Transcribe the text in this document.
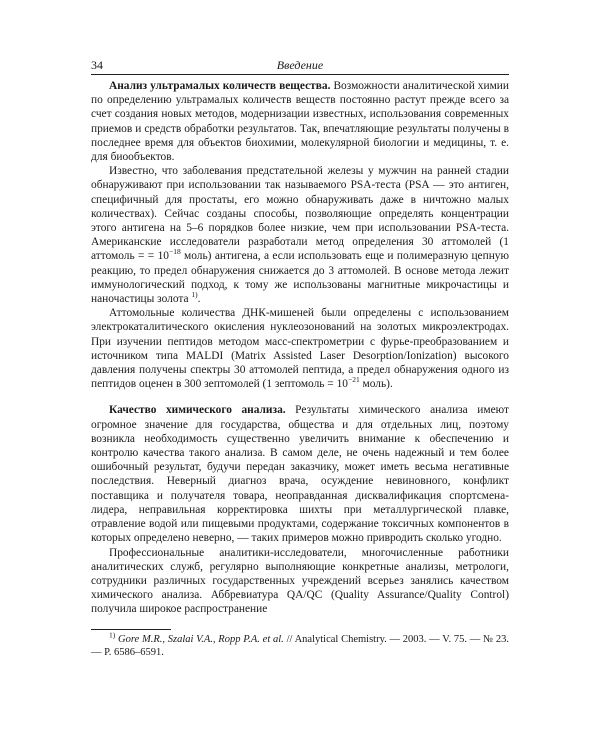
34	Введение

Анализ ультрамалых количеств вещества. Возможности аналитической химии по определению ультрамалых количеств веществ постоянно растут прежде всего за счет создания новых методов, модернизации известных, использования современных приемов и средств обработки результатов. Так, впечатляющие результаты получены в последнее время для объектов биохимии, молекулярной биологии и медицины, т. е. для биообъектов.

Известно, что заболевания предстательной железы у мужчин на ранней стадии обнаруживают при использовании так называемого PSA-теста (PSA — это антиген, специфичный для простаты, его можно обнаруживать даже в ничтожно малых количествах). Сейчас созданы способы, позволяющие определять концентрации этого антигена на 5–6 порядков более низкие, чем при использовании PSA-теста. Американские исследователи разработали метод определения 30 аттомолей (1 аттомоль = = $10^{-18}$ моль) антигена, а если использовать еще и полимеразную цепную реакцию, то предел обнаружения снижается до 3 аттомолей. В основе метода лежит иммунологический подход, к тому же использованы магнитные микрочастицы и наночастицы золота $^{1)}$.

Аттомольные количества ДНК-мишеней были определены с использованием электрокаталитического окисления нуклеозонований на золотых микроэлектродах. При изучении пептидов методом масс-спектрометрии с фурье-преобразованием и источником типа MALDI (Matrix Assisted Laser Desorption/Ionization) высокого давления получены спектры 30 аттомолей пептида, а предел обнаружения одного из пептидов оценен в 300 зептомолей (1 зептомоль = $10^{-21}$ моль).

Качество химического анализа. Результаты химического анализа имеют огромное значение для государства, общества и для отдельных лиц, поэтому возникла необходимость существенно увеличить внимание к обеспечению и контролю качества такого анализа. В самом деле, не очень надежный и тем более ошибочный результат, будучи передан заказчику, может иметь весьма негативные последствия. Неверный диагноз врача, осуждение невиновного, конфликт поставщика и получателя товара, неоправданная дисквалификация спортсмена-лидера, неправильная корректировка шихты при металлургической плавке, отравление водой или пищевыми продуктами, содержание токсичных компонентов в которых определено неверно, — таких примеров можно привродить сколько угодно.

Профессиональные аналитики-исследователи, многочисленные работники аналитических служб, регулярно выполняющие конкретные анализы, метрологи, сотрудники различных государственных учреждений всерьез занялись качеством химического анализа. Аббревиатура QA/QC (Quality Assurance/Quality Control) получила широкое распространение

$^{1)}$ Gore M.R., Szalai V.A., Ropp P.A. et al. // Analytical Chemistry. — 2003. — V. 75. — № 23. — P. 6586–6591.
